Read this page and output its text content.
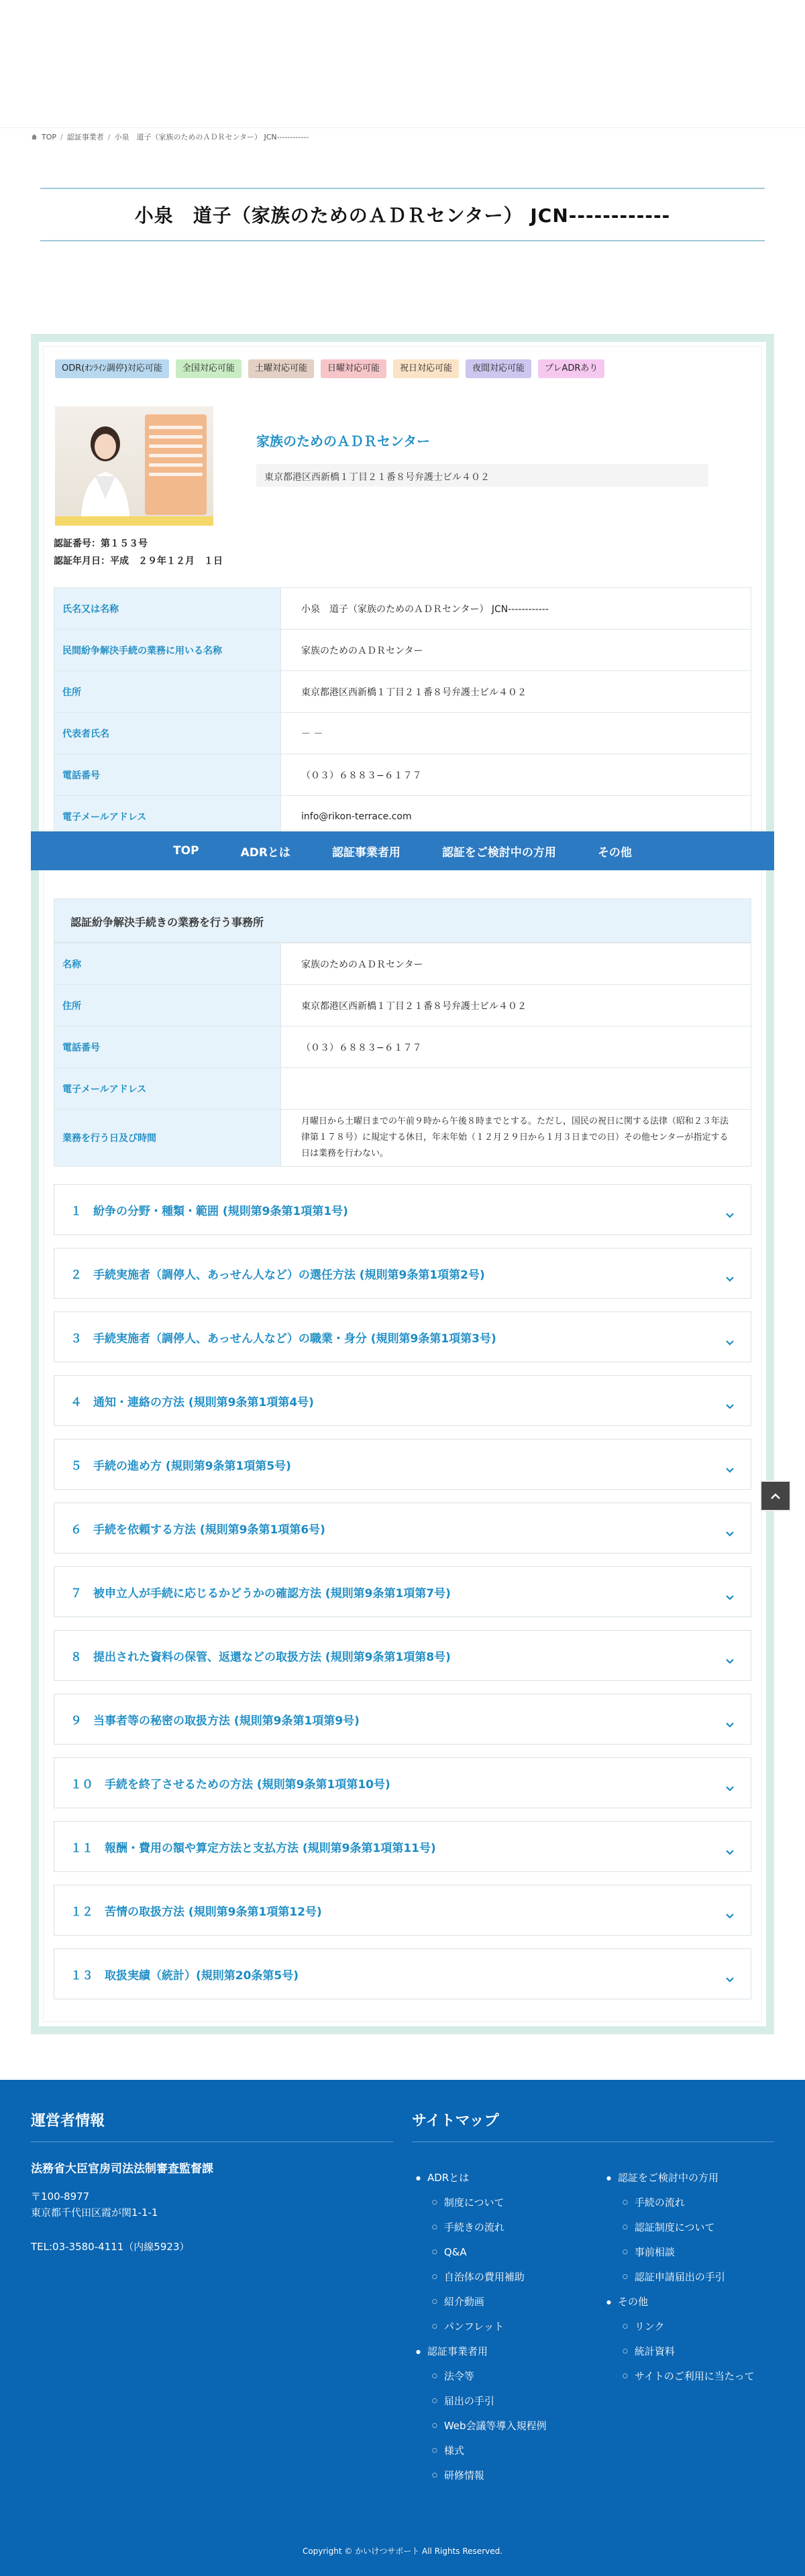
TOP / 認証事業者 / 小泉　道子（家族のためのＡＤＲセンター） JCN------------
小泉　道子（家族のためのＡＤＲセンター） JCN------------
ODR(ｵﾝﾗｲﾝ調停)対応可能	全国対応可能	土曜対応可能	日曜対応可能	祝日対応可能	夜間対応可能	プレADRあり
家族のためのＡＤＲセンター
東京都港区西新橋１丁目２１番８号弁護士ビル４０２
認証番号：第１５３号
認証年月日：平成　２９年１２月　１日
氏名又は名称	小泉　道子（家族のためのＡＤＲセンター） JCN------------
民間紛争解決手続の業務に用いる名称	家族のためのＡＤＲセンター
住所	東京都港区西新橋１丁目２１番８号弁護士ビル４０２
代表者氏名	－ －
電話番号	（０３）６８８３−６１７７
電子メールアドレス	info@rikon-terrace.com
TOP	ADRとは	認証事業者用	認証をご検討中の方用	その他
認証紛争解決手続きの業務を行う事務所
名称	家族のためのＡＤＲセンター
住所	東京都港区西新橋１丁目２１番８号弁護士ビル４０２
電話番号	（０３）６８８３−６１７７
電子メールアドレス	
業務を行う日及び時間	月曜日から土曜日までの午前９時から午後８時までとする。ただし，国民の祝日に関する法律（昭和２３年法律第１７８号）に規定する休日，年末年始（１２月２９日から１月３日までの日）その他センターが指定する日は業務を行わない。
１　紛争の分野・種類・範囲 (規則第9条第1項第1号)
２　手続実施者（調停人、あっせん人など）の選任方法 (規則第9条第1項第2号)
３　手続実施者（調停人、あっせん人など）の職業・身分 (規則第9条第1項第3号)
４　通知・連絡の方法 (規則第9条第1項第4号)
５　手続の進め方 (規則第9条第1項第5号)
６　手続を依頼する方法 (規則第9条第1項第6号)
７　被申立人が手続に応じるかどうかの確認方法 (規則第9条第1項第7号)
８　提出された資料の保管、返還などの取扱方法 (規則第9条第1項第8号)
９　当事者等の秘密の取扱方法 (規則第9条第1項第9号)
１０　手続を終了させるための方法 (規則第9条第1項第10号)
１１　報酬・費用の額や算定方法と支払方法 (規則第9条第1項第11号)
１２　苦情の取扱方法 (規則第9条第1項第12号)
１３　取扱実績（統計）(規則第20条第5号)
運営者情報
法務省大臣官房司法法制審査監督課
〒100-8977
東京都千代田区霞が関1-1-1
TEL:03-3580-4111（内線5923）
サイトマップ
● ADRとは
○ 制度について
○ 手続きの流れ
○ Q&A
○ 自治体の費用補助
○ 紹介動画
○ パンフレット
● 認証事業者用
○ 法令等
○ 届出の手引
○ Web会議等導入規程例
○ 様式
○ 研修情報
● 認証をご検討中の方用
○ 手続の流れ
○ 認証制度について
○ 事前相談
○ 認証申請届出の手引
● その他
○ リンク
○ 統計資料
○ サイトのご利用に当たって
Copyright © かいけつサポート All Rights Reserved.
